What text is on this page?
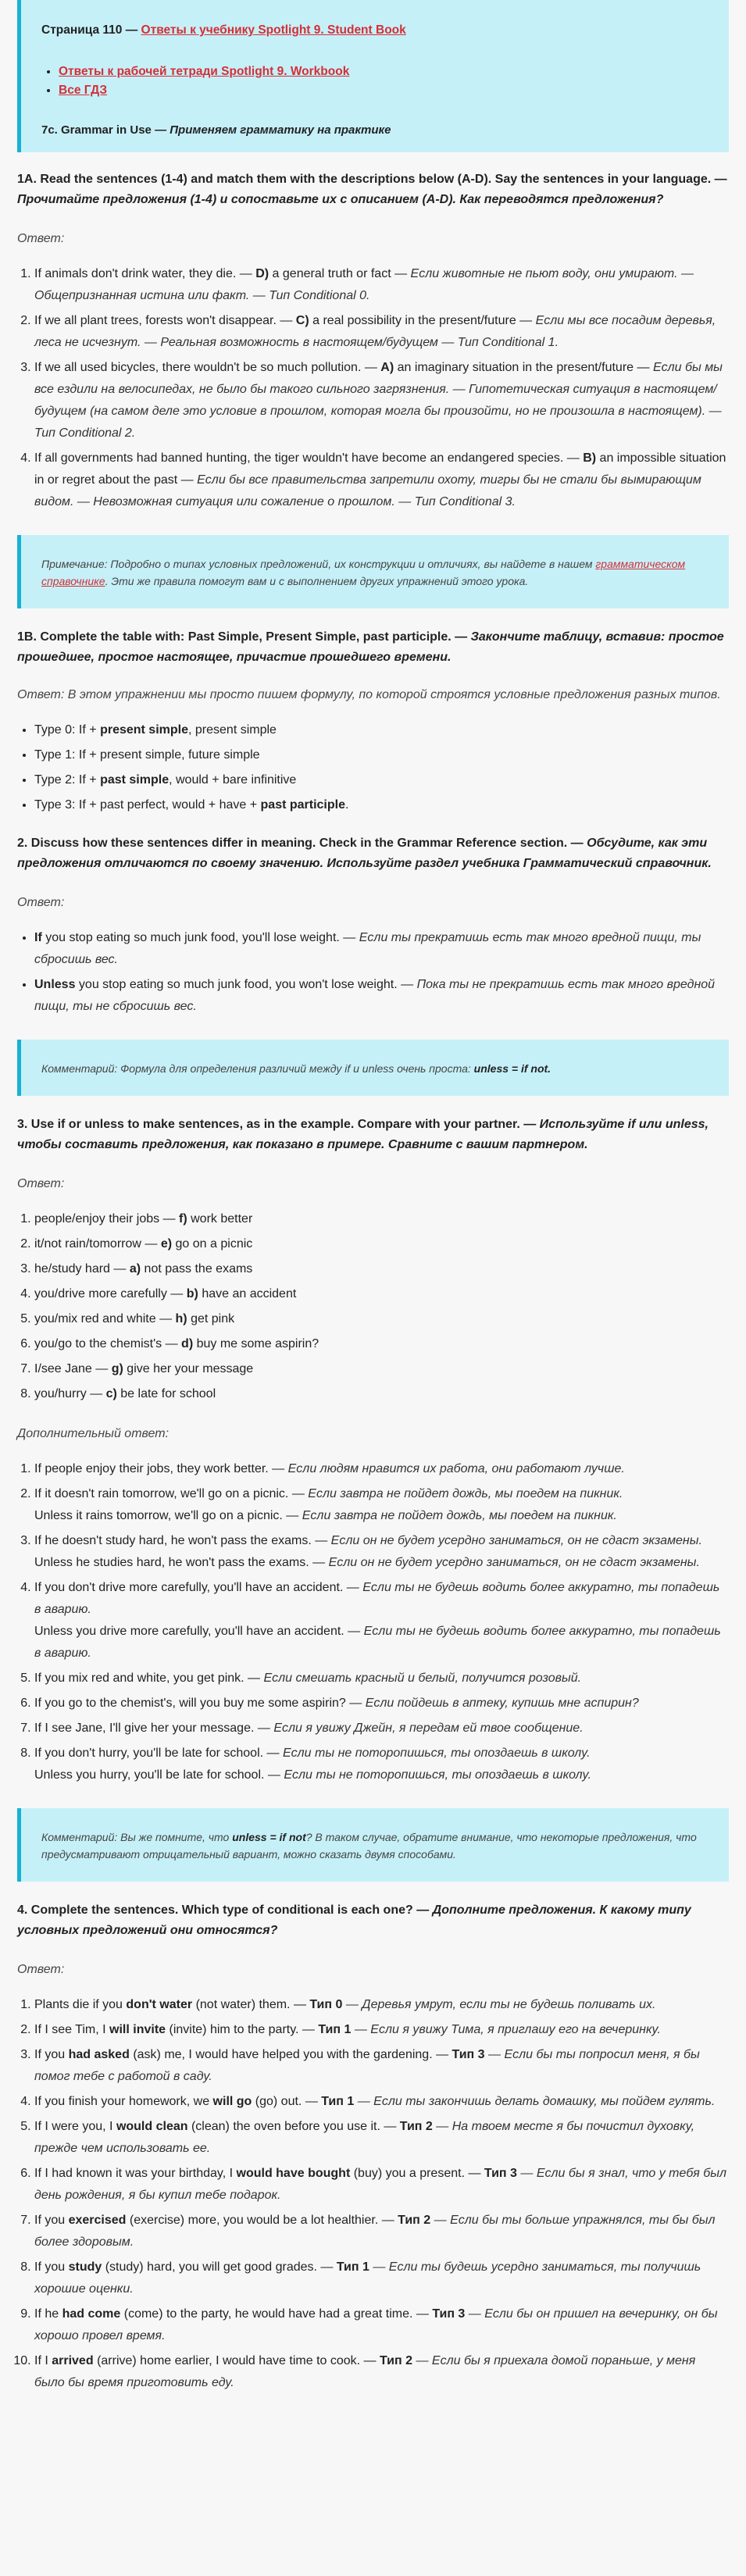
Страница 110 — Ответы к учебнику Spotlight 9. Student Book

• Ответы к рабочей тетради Spotlight 9. Workbook
• Все ГДЗ

7c. Grammar in Use — Применяем грамматику на практике

1A. Read the sentences (1-4) and match them with the descriptions below (A-D). Say the sentences in your language. — Прочитайте предложения (1-4) и сопоставьте их с описанием (A-D). Как переводятся предложения?

Ответ:

1. If animals don't drink water, they die. — D) a general truth or fact — Если животные не пьют воду, они умирают. — Общепризнанная истина или факт. — Тип Conditional 0.
2. If we all plant trees, forests won't disappear. — C) a real possibility in the present/future — Если мы все посадим деревья, леса не исчезнут. — Реальная возможность в настоящем/будущем — Тип Conditional 1.
3. If we all used bicycles, there wouldn't be so much pollution. — A) an imaginary situation in the present/future — Если бы мы все ездили на велосипедах, не было бы такого сильного загрязнения. — Гипотетическая ситуация в настоящем/будущем (на самом деле это условие в прошлом, которая могла бы произойти, но не произошла в настоящем). — Тип Conditional 2.
4. If all governments had banned hunting, the tiger wouldn't have become an endangered species. — B) an impossible situation in or regret about the past — Если бы все правительства запретили охоту, тигры бы не стали бы вымирающим видом. — Невозможная ситуация или сожаление о прошлом. — Тип Conditional 3.
Примечание: Подробно о типах условных предложений, их конструкции и отличиях, вы найдете в нашем грамматическом справочнике. Эти же правила помогут вам и с выполнением других упражнений этого урока.

1B. Complete the table with: Past Simple, Present Simple, past participle. — Закончите таблицу, вставив: простое прошедшее, простое настоящее, причастие прошедшего времени.

Ответ: В этом упражнении мы просто пишем формулу, по которой строятся условные предложения разных типов.

• Type 0: If + present simple, present simple
• Type 1: If + present simple, future simple
• Type 2: If + past simple, would + bare infinitive
• Type 3: If + past perfect, would + have + past participle.

2. Discuss how these sentences differ in meaning. Check in the Grammar Reference section. — Обсудите, как эти предложения отличаются по своему значению. Используйте раздел учебника Грамматический справочник.

Ответ:

• If you stop eating so much junk food, you'll lose weight. — Если ты прекратишь есть так много вредной пищи, ты сбросишь вес.
• Unless you stop eating so much junk food, you won't lose weight. — Пока ты не прекратишь есть так много вредной пищи, ты не сбросишь вес.
Комментарий: Формула для определения различий между if и unless очень проста: unless = if not.

3. Use if or unless to make sentences, as in the example. Compare with your partner. — Используйте if или unless, чтобы составить предложения, как показано в примере. Сравните с вашим партнером.

Ответ:

1. people/enjoy their jobs — f) work better
2. it/not rain/tomorrow — e) go on a picnic
3. he/study hard — a) not pass the exams
4. you/drive more carefully — b) have an accident
5. you/mix red and white — h) get pink
6. you/go to the chemist's — d) buy me some aspirin?
7. I/see Jane — g) give her your message
8. you/hurry — c) be late for school

Дополнительный ответ:

1. If people enjoy their jobs, they work better. — Если людям нравится их работа, они работают лучше.
2. If it doesn't rain tomorrow, we'll go on a picnic. — Если завтра не пойдет дождь, мы поедем на пикник.
Unless it rains tomorrow, we'll go on a picnic. — Если завтра не пойдет дождь, мы поедем на пикник.
3. If he doesn't study hard, he won't pass the exams. — Если он не будет усердно заниматься, он не сдаст экзамены.
Unless he studies hard, he won't pass the exams. — Если он не будет усердно заниматься, он не сдаст экзамены.
4. If you don't drive more carefully, you'll have an accident. — Если ты не будешь водить более аккуратно, ты попадешь в аварию.
Unless you drive more carefully, you'll have an accident. — Если ты не будешь водить более аккуратно, ты попадешь в аварию.
5. If you mix red and white, you get pink. — Если смешать красный и белый, получится розовый.
6. If you go to the chemist's, will you buy me some aspirin? — Если пойдешь в аптеку, купишь мне аспирин?
7. If I see Jane, I'll give her your message. — Если я увижу Джейн, я передам ей твое сообщение.
8. If you don't hurry, you'll be late for school. — Если ты не поторопишься, ты опоздаешь в школу.
Unless you hurry, you'll be late for school. — Если ты не поторопишься, ты опоздаешь в школу.
Комментарий: Вы же помните, что unless = if not? В таком случае, обратите внимание, что некоторые предложения, что предусматривают отрицательный вариант, можно сказать двумя способами.

4. Complete the sentences. Which type of conditional is each one? — Дополните предложения. К какому типу условных предложений они относятся?

Ответ:

1. Plants die if you don't water (not water) them. — Тип 0 — Деревья умрут, если ты не будешь поливать их.
2. If I see Tim, I will invite (invite) him to the party. — Тип 1 — Если я увижу Тима, я приглашу его на вечеринку.
3. If you had asked (ask) me, I would have helped you with the gardening. — Тип 3 — Если бы ты попросил меня, я бы помог тебе с работой в саду.
4. If you finish your homework, we will go (go) out. — Тип 1 — Если ты закончишь делать домашку, мы пойдем гулять.
5. If I were you, I would clean (clean) the oven before you use it. — Тип 2 — На твоем месте я бы почистил духовку, прежде чем использовать ее.
6. If I had known it was your birthday, I would have bought (buy) you a present. — Тип 3 — Если бы я знал, что у тебя был день рождения, я бы купил тебе подарок.
7. If you exercised (exercise) more, you would be a lot healthier. — Тип 2 — Если бы ты больше упражнялся, ты бы был более здоровым.
8. If you study (study) hard, you will get good grades. — Тип 1 — Если ты будешь усердно заниматься, ты получишь хорошие оценки.
9. If he had come (come) to the party, he would have had a great time. — Тип 3 — Если бы он пришел на вечеринку, он бы хорошо провел время.
10. If I arrived (arrive) home earlier, I would have time to cook. — Тип 2 — Если бы я приехала домой пораньше, у меня было бы время приготовить еду.
